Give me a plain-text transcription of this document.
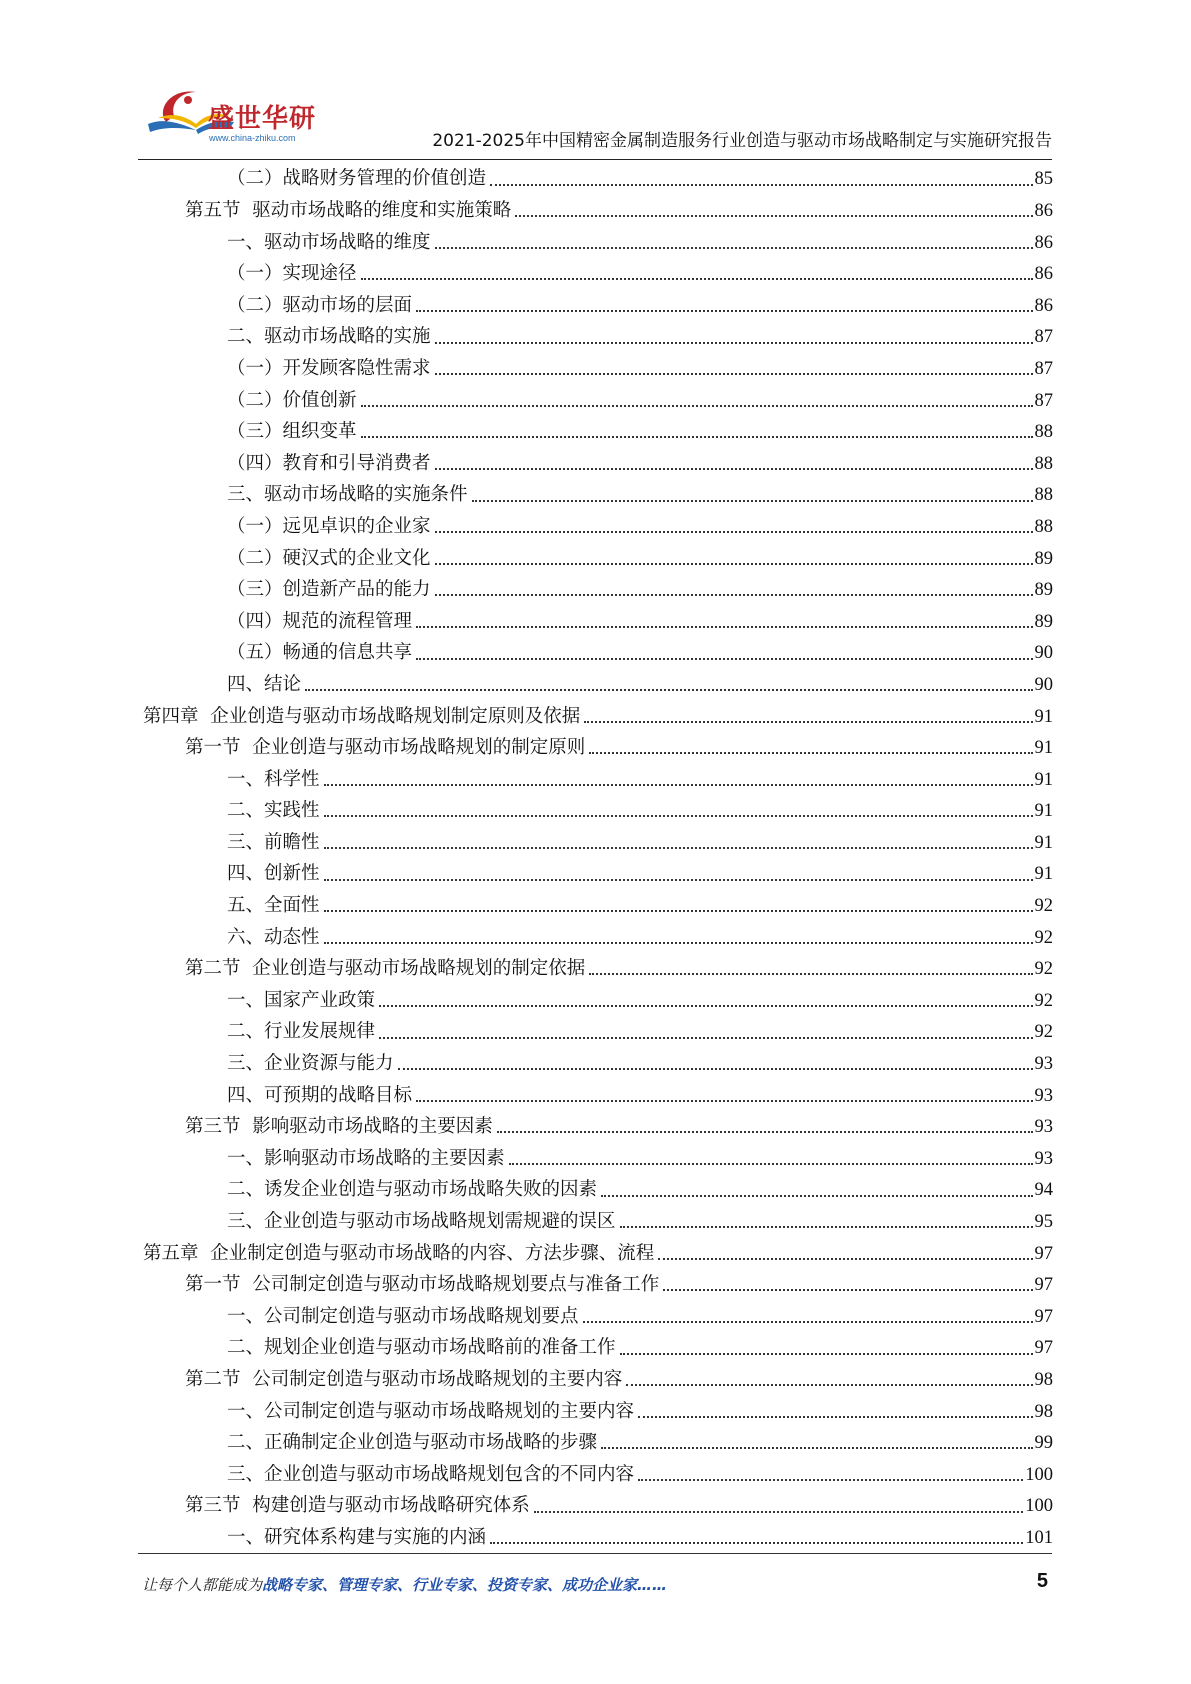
盛世华研
www.china-zhiku.com	2021-2025年中国精密金属制造服务行业创造与驱动市场战略制定与实施研究报告
（二）战略财务管理的价值创造	85
第五节  驱动市场战略的维度和实施策略	86
一、驱动市场战略的维度	86
（一）实现途径	86
（二）驱动市场的层面	86
二、驱动市场战略的实施	87
（一）开发顾客隐性需求	87
（二）价值创新	87
（三）组织变革	88
（四）教育和引导消费者	88
三、驱动市场战略的实施条件	88
（一）远见卓识的企业家	88
（二）硬汉式的企业文化	89
（三）创造新产品的能力	89
（四）规范的流程管理	89
（五）畅通的信息共享	90
四、结论	90
第四章  企业创造与驱动市场战略规划制定原则及依据	91
第一节  企业创造与驱动市场战略规划的制定原则	91
一、科学性	91
二、实践性	91
三、前瞻性	91
四、创新性	91
五、全面性	92
六、动态性	92
第二节  企业创造与驱动市场战略规划的制定依据	92
一、国家产业政策	92
二、行业发展规律	92
三、企业资源与能力	93
四、可预期的战略目标	93
第三节  影响驱动市场战略的主要因素	93
一、影响驱动市场战略的主要因素	93
二、诱发企业创造与驱动市场战略失败的因素	94
三、企业创造与驱动市场战略规划需规避的误区	95
第五章  企业制定创造与驱动市场战略的内容、方法步骤、流程	97
第一节  公司制定创造与驱动市场战略规划要点与准备工作	97
一、公司制定创造与驱动市场战略规划要点	97
二、规划企业创造与驱动市场战略前的准备工作	97
第二节  公司制定创造与驱动市场战略规划的主要内容	98
一、公司制定创造与驱动市场战略规划的主要内容	98
二、正确制定企业创造与驱动市场战略的步骤	99
三、企业创造与驱动市场战略规划包含的不同内容	100
第三节  构建创造与驱动市场战略研究体系	100
一、研究体系构建与实施的内涵	101
让每个人都能成为战略专家、管理专家、行业专家、投资专家、成功企业家……	5
